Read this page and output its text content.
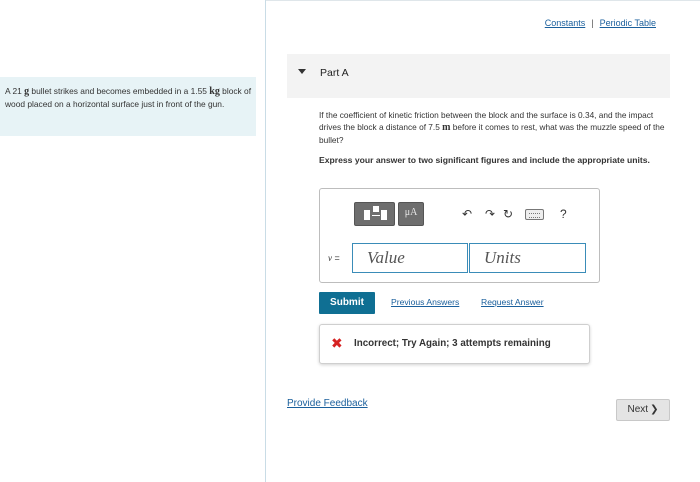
A 21 g bullet strikes and becomes embedded in a 1.55 kg block of wood placed on a horizontal surface just in front of the gun.
Constants | Periodic Table
Part A
If the coefficient of kinetic friction between the block and the surface is 0.34, and the impact drives the block a distance of 7.5 m before it comes to rest, what was the muzzle speed of the bullet?
Express your answer to two significant figures and include the appropriate units.
μA	↶ ↷ ↻	?
v =	Value	Units
Submit	Previous Answers	Request Answer
✖ Incorrect; Try Again; 3 attempts remaining
Provide Feedback
Next ❯
